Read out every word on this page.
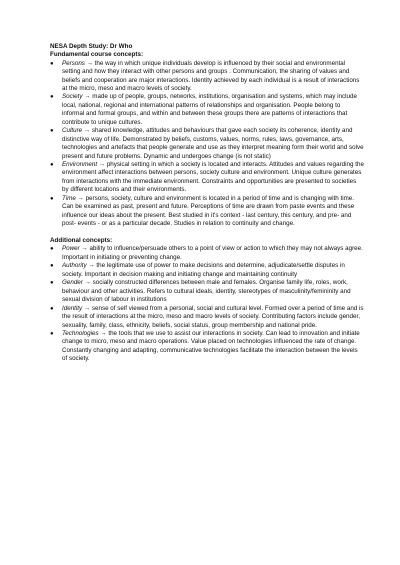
NESA Depth Study: Dr Who

Fundamental course concepts:

●	Persons → the way in which unique individuals develop is influenced by their social and environmental setting and how they interact with other persons and groups . Communication, the sharing of values and beliefs and cooperation are major interactions. Identity achieved by each individual is a result of interactions at the micro, meso and macro levels of society.
●	Society → made up of people, groups, networks, institutions, organisation and systems, which may include local, national, regional and international patterns of relationships and organisation. People belong to informal and formal groups, and within and between these groups there are patterns of interactions that contribute to unique cultures.
●	Culture → shared knowledge, attitudes and behaviours that gave each society its coherence, identity and distinctive way of life. Demonstrated by beliefs, customs, values, norms, rules, laws, governance, arts, technologies and artefacts that people generate and use as they interpret meaning form their world and solve present and future problems. Dynamic and undergoes change (is not static)
●	Environment → physical setting in which a society is located and interacts. Attitudes and values regarding the environment affect interactions between persons, society culture and environment. Unique culture generates from interactions with the immediate environment. Constraints and opportunities are presented to societies by different locations and their environments.
●	Time → persons, society, culture and environment is located in a period of time and is changing with time. Can be examined as past, present and future. Perceptions of time are drawn from paste events and these influence our ideas about the present. Best studied in it's context - last century, this century, and pre- and post- events - or as a particular decade. Studies in relation to continuity and change.

Additional concepts:

●	Power → ability to influence/persuade others to a point of view or action to which they may not always agree. Important in initiating or preventing change.
●	Authority → the legitimate use of power to make decisions and determine, adjudicate/settle disputes in society. Important in decision making and initiating change and maintaining continuity
●	Gender → socially constructed differences between male and females. Organise family life, roles, work, behaviour and other activities. Refers to cultural ideals, identity, stereotypes of masculinity/femininity and sexual division of labour in institutions
●	Identity → sense of self viewed from a personal, social and cultural level. Formed over a period of time and is the result of interactions at the micro, meso and macro levels of society. Contributing factors include gender, sexuality, family, class, ethnicity, beliefs, social status, group membership and national pride.
●	Technologies → the tools that we use to assist our interactions in society. Can lead to innovation and initiate change to micro, meso and macro operations. Value placed on technologies influenced the rate of change. Constantly changing and adapting, communicative technologies facilitate the interaction between the levels of society.
